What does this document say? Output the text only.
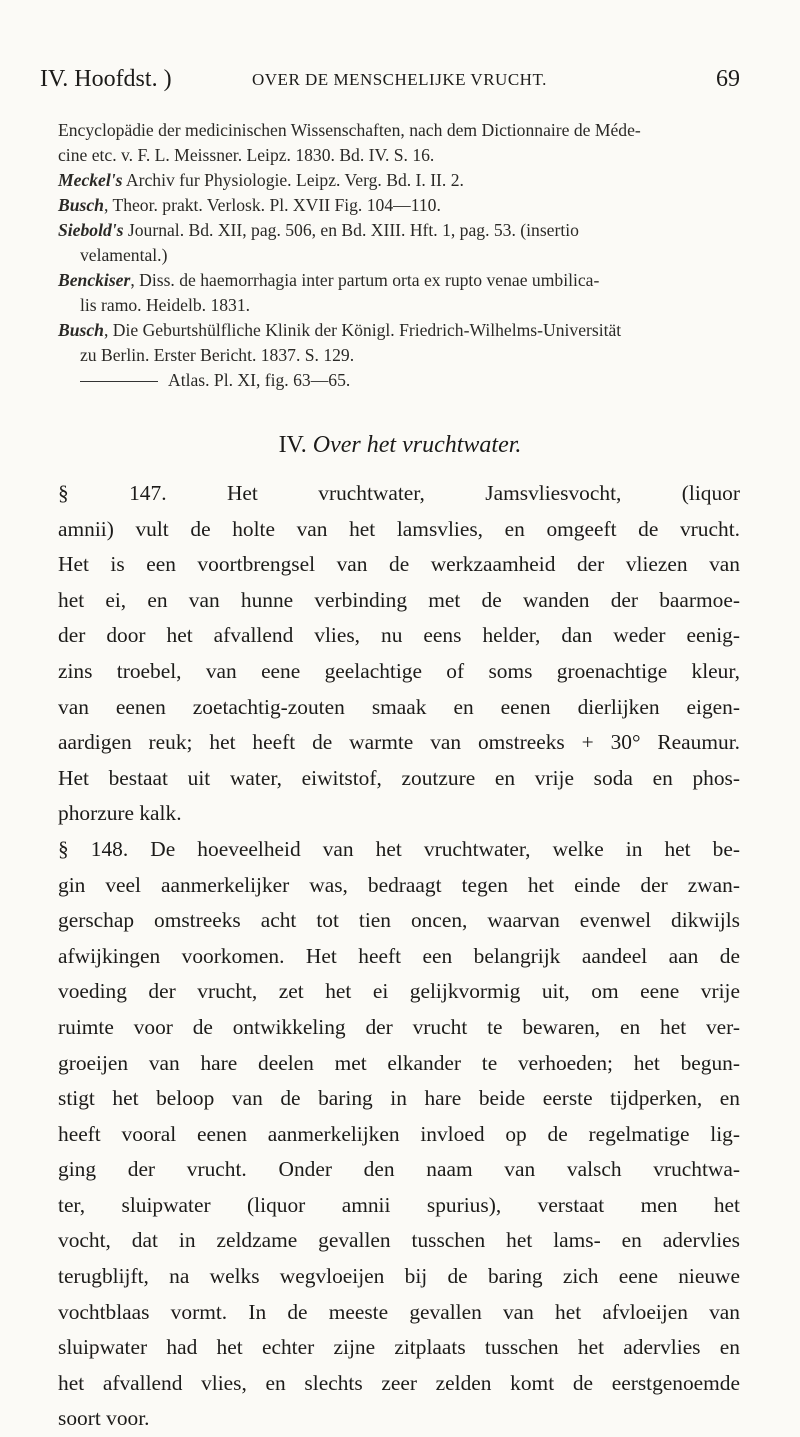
IV. Hoofdst. )	OVER DE MENSCHELIJKE VRUCHT.	69

Encyclopädie der medicinischen Wissenschaften, nach dem Dictionnaire de Méde-

cine etc. v. F. L. Meissner. Leipz. 1830. Bd. IV. S. 16.

Meckel's Archiv fur Physiologie. Leipz. Verg. Bd. I. II. 2.

Busch, Theor. prakt. Verlosk. Pl. XVII Fig. 104—110.

Siebold's Journal. Bd. XII, pag. 506, en Bd. XIII. Hft. 1, pag. 53. (insertio

velamental.)

Benckiser, Diss. de haemorrhagia inter partum orta ex rupto venae umbilica-

lis ramo. Heidelb. 1831.

Busch, Die Geburtshülfliche Klinik der Königl. Friedrich-Wilhelms-Universität

zu Berlin. Erster Bericht. 1837. S. 129.

Atlas. Pl. XI, fig. 63—65.

IV. Over het vruchtwater.
§ 147. Het vruchtwater, Jamsvliesvocht, (liquor
amnii) vult de holte van het lamsvlies, en omgeeft de vrucht.
Het is een voortbrengsel van de werkzaamheid der vliezen van
het ei, en van hunne verbinding met de wanden der baarmoe-
der door het afvallend vlies, nu eens helder, dan weder eenig-
zins troebel, van eene geelachtige of soms groenachtige kleur,
van eenen zoetachtig-zouten smaak en eenen dierlijken eigen-
aardigen reuk; het heeft de warmte van omstreeks + 30° Reaumur.
Het bestaat uit water, eiwitstof, zoutzure en vrije soda en phos-
phorzure kalk.
§ 148. De hoeveelheid van het vruchtwater, welke in het be-
gin veel aanmerkelijker was, bedraagt tegen het einde der zwan-
gerschap omstreeks acht tot tien oncen, waarvan evenwel dikwijls
afwijkingen voorkomen. Het heeft een belangrijk aandeel aan de
voeding der vrucht, zet het ei gelijkvormig uit, om eene vrije
ruimte voor de ontwikkeling der vrucht te bewaren, en het ver-
groeijen van hare deelen met elkander te verhoeden; het begun-
stigt het beloop van de baring in hare beide eerste tijdperken, en
heeft vooral eenen aanmerkelijken invloed op de regelmatige lig-
ging der vrucht. Onder den naam van valsch vruchtwa-
ter, sluipwater (liquor amnii spurius), verstaat men het
vocht, dat in zeldzame gevallen tusschen het lams- en adervlies
terugblijft, na welks wegvloeijen bij de baring zich eene nieuwe
vochtblaas vormt. In de meeste gevallen van het afvloeijen van
sluipwater had het echter zijne zitplaats tusschen het adervlies en
het afvallend vlies, en slechts zeer zelden komt de eerstgenoemde
soort voor.
